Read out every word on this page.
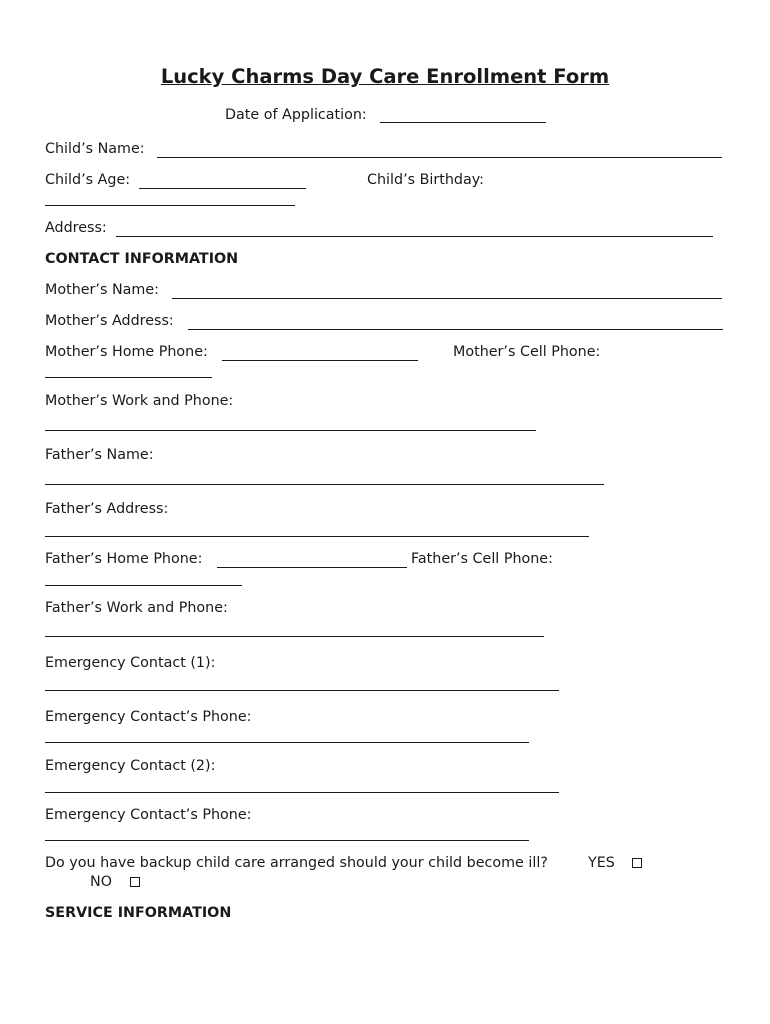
Lucky Charms Day Care Enrollment Form
Date of Application:
Child’s Name:
Child’s Age:	Child’s Birthday:
Address:
CONTACT INFORMATION
Mother’s Name:
Mother’s Address:
Mother’s Home Phone:	Mother’s Cell Phone:
Mother’s Work and Phone:
Father’s Name:
Father’s Address:
Father’s Home Phone:	Father’s Cell Phone:
Father’s Work and Phone:
Emergency Contact (1):
Emergency Contact’s Phone:
Emergency Contact (2):
Emergency Contact’s Phone:
Do you have backup child care arranged should your child become ill?	YES
NO
SERVICE INFORMATION
